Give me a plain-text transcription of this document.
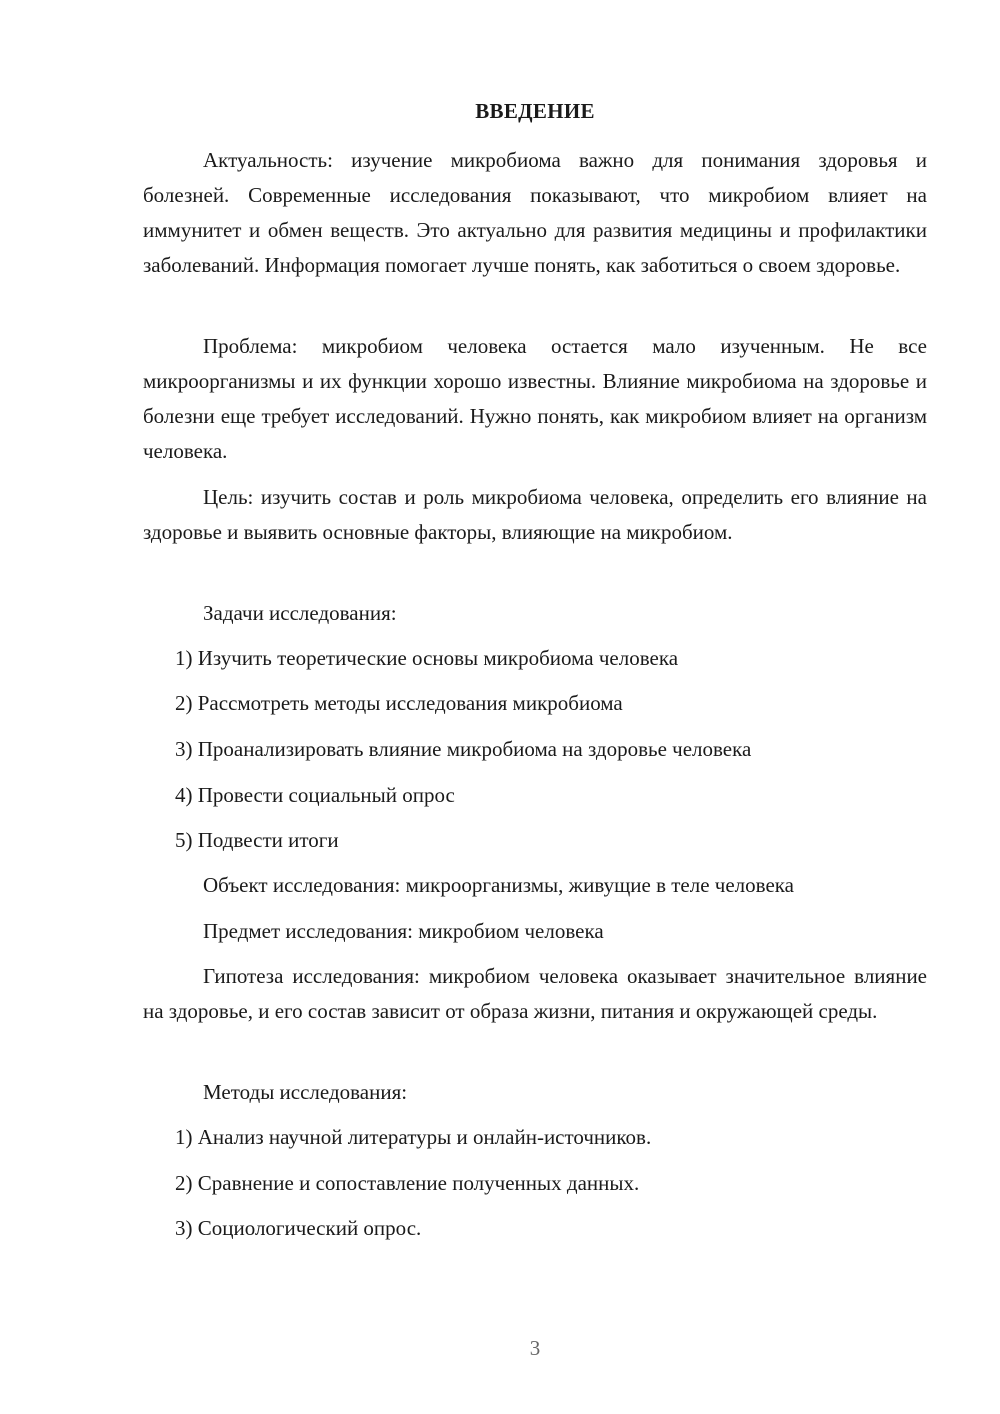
ВВЕДЕНИЕ

Актуальность: изучение микробиома важно для понимания здоровья и болезней. Современные исследования показывают, что микробиом влияет на иммунитет и обмен веществ. Это актуально для развития медицины и профилактики заболеваний. Информация помогает лучше понять, как заботиться о своем здоровье.

Проблема: микробиом человека остается мало изученным. Не все микроорганизмы и их функции хорошо известны. Влияние микробиома на здоровье и болезни еще требует исследований. Нужно понять, как микробиом влияет на организм человека.

Цель: изучить состав и роль микробиома человека, определить его влияние на здоровье и выявить основные факторы, влияющие на микробиом.

Задачи исследования:

1) Изучить теоретические основы микробиома человека

2) Рассмотреть методы исследования микробиома

3) Проанализировать влияние микробиома на здоровье человека

4) Провести социальный опрос

5) Подвести итоги

Объект исследования: микроорганизмы, живущие в теле человека

Предмет исследования: микробиом человека

Гипотеза исследования: микробиом человека оказывает значительное влияние на здоровье, и его состав зависит от образа жизни, питания и окружающей среды.

Методы исследования:

1) Анализ научной литературы и онлайн-источников.

2) Сравнение и сопоставление полученных данных.

3) Социологический опрос.

3
